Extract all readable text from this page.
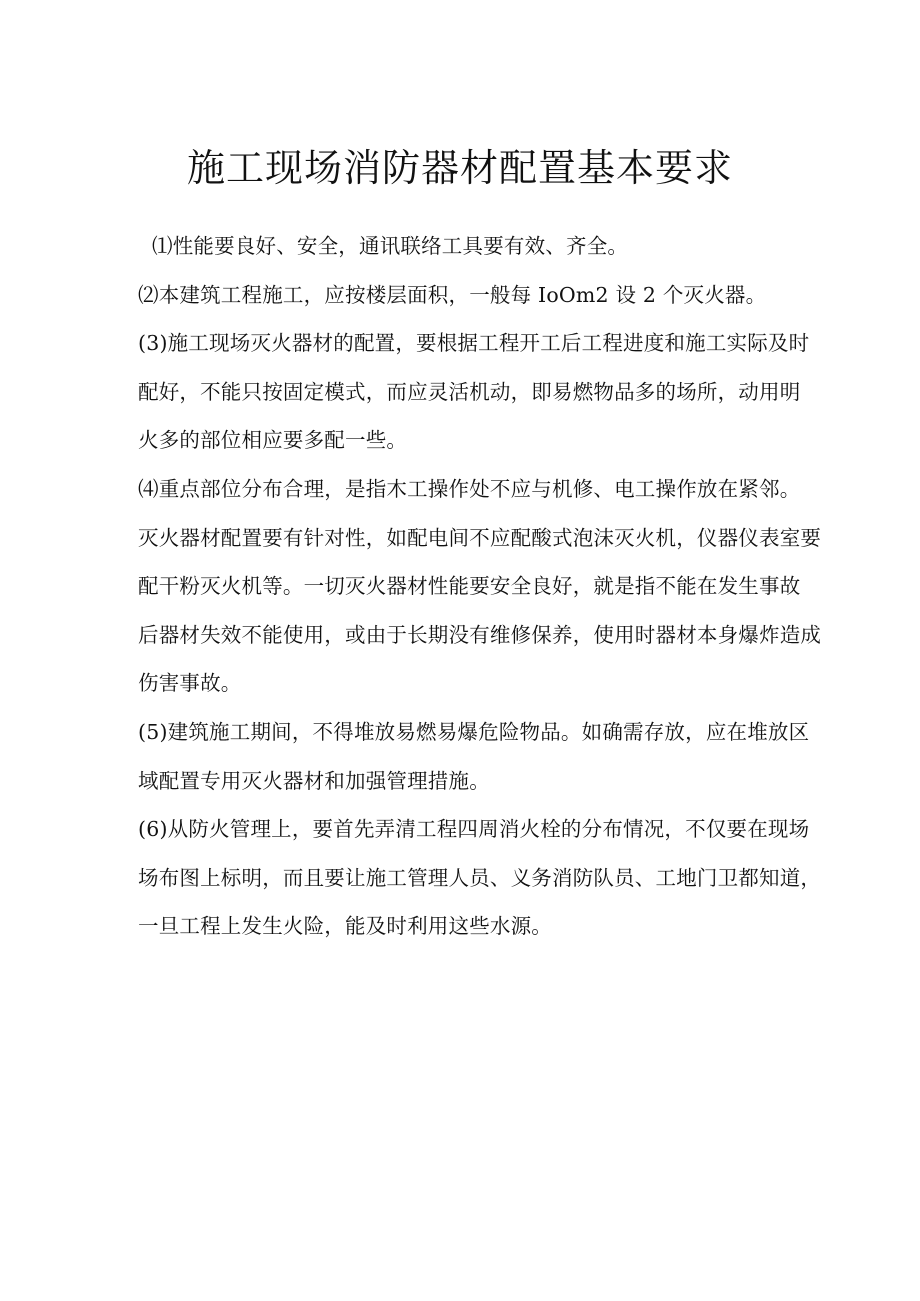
施工现场消防器材配置基本要求
⑴性能要良好、安全，通讯联络工具要有效、齐全。
⑵本建筑工程施工，应按楼层面积，一般每 IoOm2 设 2 个灭火器。
(3)施工现场灭火器材的配置，要根据工程开工后工程进度和施工实际及时
配好，不能只按固定模式，而应灵活机动，即易燃物品多的场所，动用明
火多的部位相应要多配一些。
⑷重点部位分布合理，是指木工操作处不应与机修、电工操作放在紧邻。
灭火器材配置要有针对性，如配电间不应配酸式泡沫灭火机，仪器仪表室要
配干粉灭火机等。一切灭火器材性能要安全良好，就是指不能在发生事故
后器材失效不能使用，或由于长期没有维修保养，使用时器材本身爆炸造成
伤害事故。
(5)建筑施工期间，不得堆放易燃易爆危险物品。如确需存放，应在堆放区
域配置专用灭火器材和加强管理措施。
(6)从防火管理上，要首先弄清工程四周消火栓的分布情况，不仅要在现场
场布图上标明，而且要让施工管理人员、义务消防队员、工地门卫都知道，
一旦工程上发生火险，能及时利用这些水源。
